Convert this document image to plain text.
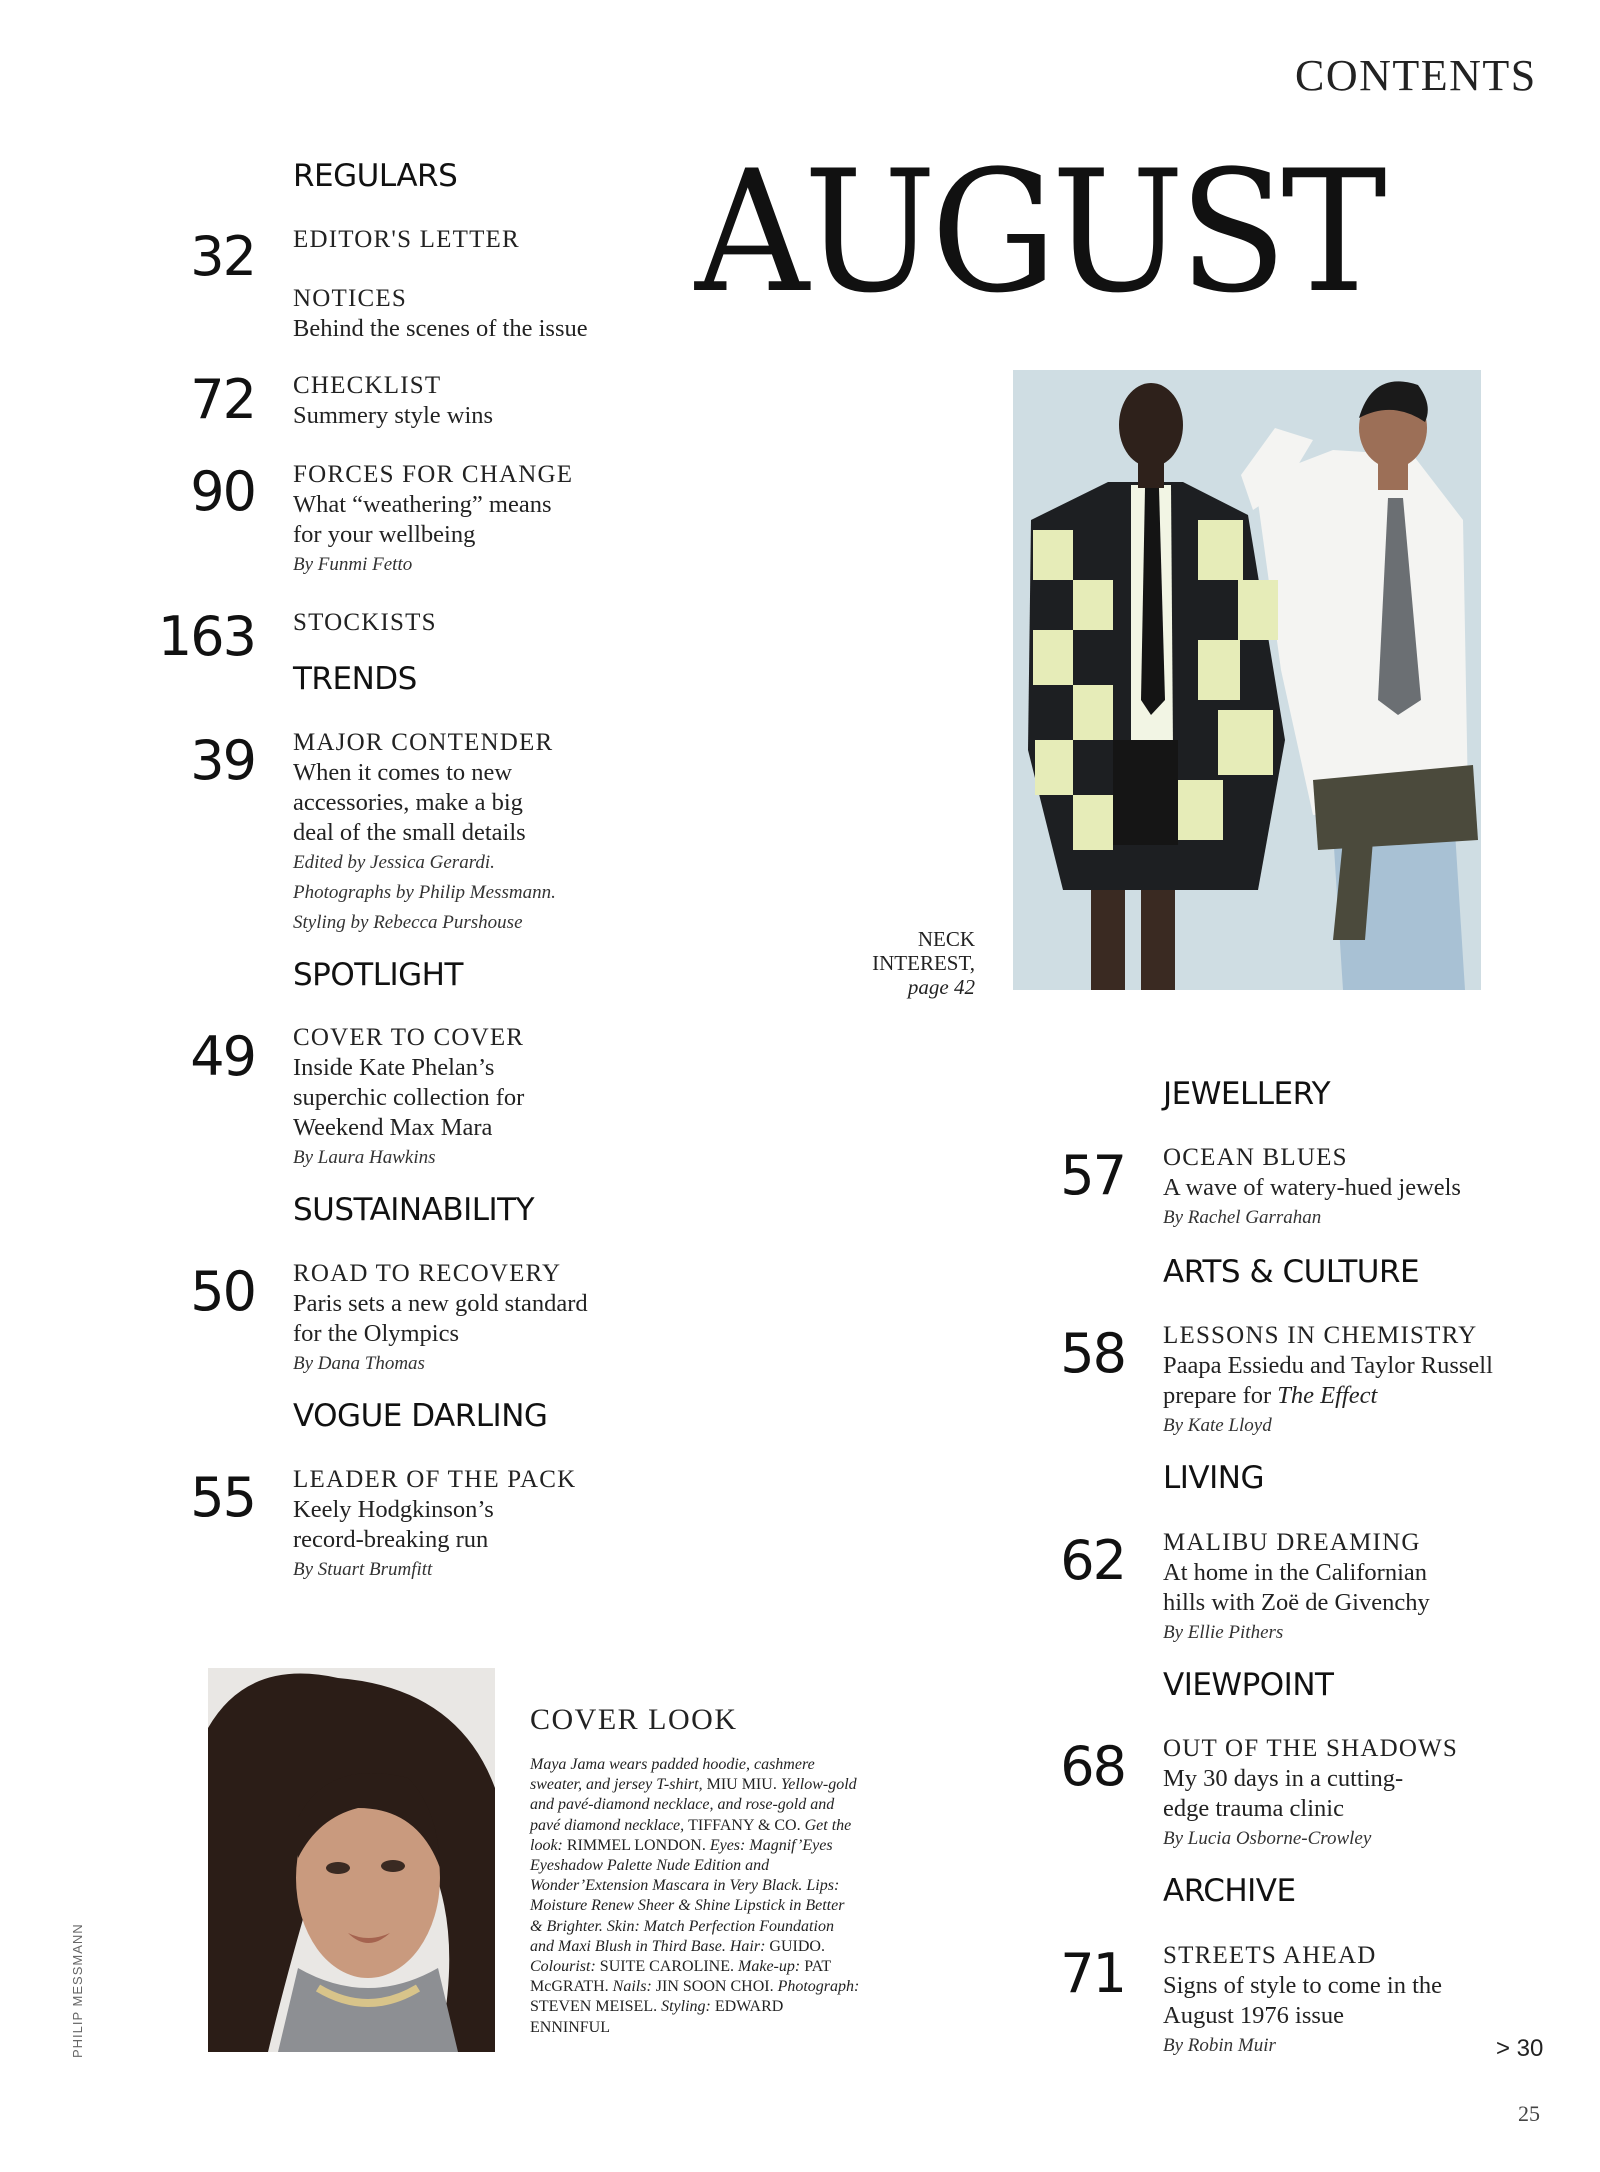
CONTENTS
AUGUST
REGULARS
32 EDITOR'S LETTER
NOTICES
Behind the scenes of the issue
72 CHECKLIST
Summery style wins
90 FORCES FOR CHANGE
What “weathering” means for your wellbeing
By Funmi Fetto
163 STOCKISTS
TRENDS
39 MAJOR CONTENDER
When it comes to new accessories, make a big deal of the small details
Edited by Jessica Gerardi.
Photographs by Philip Messmann.
Styling by Rebecca Purshouse
SPOTLIGHT
49 COVER TO COVER
Inside Kate Phelan’s superchic collection for Weekend Max Mara
By Laura Hawkins
SUSTAINABILITY
50 ROAD TO RECOVERY
Paris sets a new gold standard for the Olympics
By Dana Thomas
VOGUE DARLING
55 LEADER OF THE PACK
Keely Hodgkinson’s record-breaking run
By Stuart Brumfitt
NECK
INTEREST,
page 42
JEWELLERY
57 OCEAN BLUES
A wave of watery-hued jewels
By Rachel Garrahan
ARTS & CULTURE
58 LESSONS IN CHEMISTRY
Paapa Essiedu and Taylor Russell prepare for The Effect
By Kate Lloyd
LIVING
62 MALIBU DREAMING
At home in the Californian hills with Zoë de Givenchy
By Ellie Pithers
VIEWPOINT
68 OUT OF THE SHADOWS
My 30 days in a cutting-edge trauma clinic
By Lucia Osborne-Crowley
ARCHIVE
71 STREETS AHEAD
Signs of style to come in the August 1976 issue
By Robin Muir
COVER LOOK
Maya Jama wears padded hoodie, cashmere sweater, and jersey T-shirt, MIU MIU. Yellow-gold and pavé-diamond necklace, and rose-gold and pavé diamond necklace, TIFFANY & CO. Get the look: RIMMEL LONDON. Eyes: Magnif’Eyes Eyeshadow Palette Nude Edition and Wonder’Extension Mascara in Very Black. Lips: Moisture Renew Sheer & Shine Lipstick in Better & Brighter. Skin: Match Perfection Foundation and Maxi Blush in Third Base. Hair: GUIDO. Colourist: SUITE CAROLINE. Make-up: PAT McGRATH. Nails: JIN SOON CHOI. Photograph: STEVEN MEISEL. Styling: EDWARD ENNINFUL
PHILIP MESSMANN	> 30
25
